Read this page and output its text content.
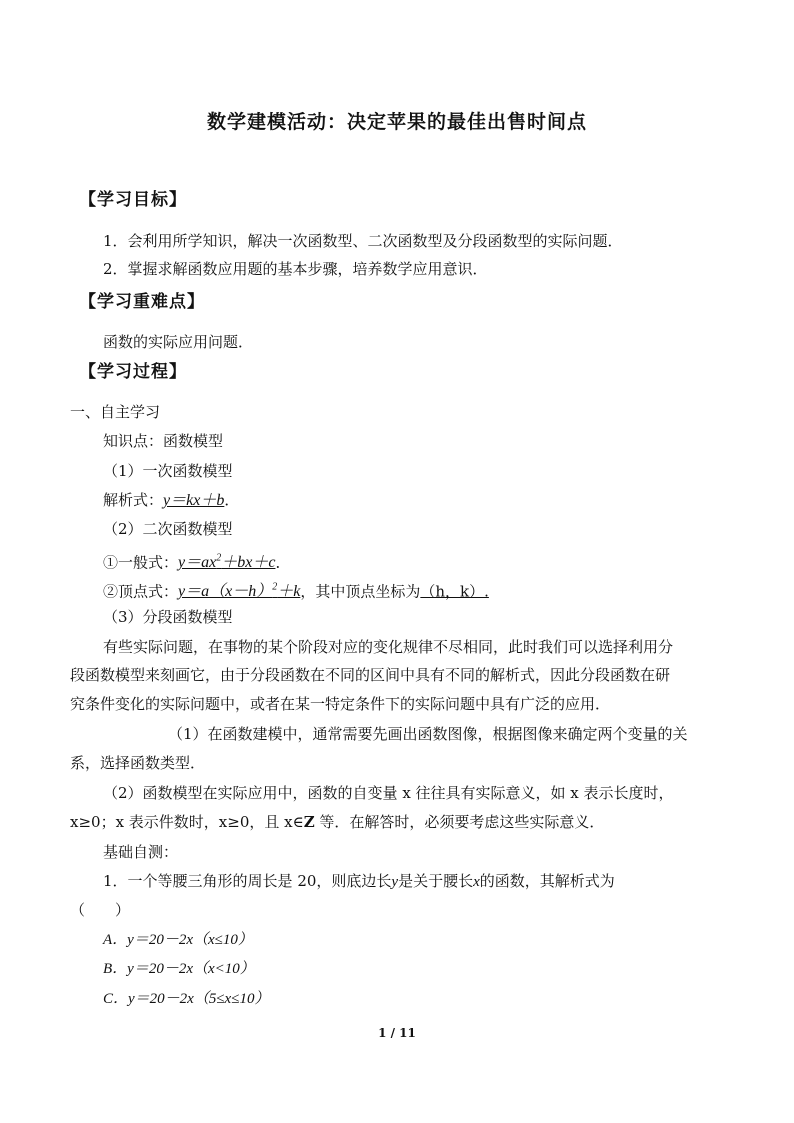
数学建模活动：决定苹果的最佳出售时间点
【学习目标】
1．会利用所学知识，解决一次函数型、二次函数型及分段函数型的实际问题．
2．掌握求解函数应用题的基本步骤，培养数学应用意识．
【学习重难点】
函数的实际应用问题．
【学习过程】
一、自主学习
知识点：函数模型
（1）一次函数模型
解析式：y＝kx＋b．
（2）二次函数模型
①一般式：$y=ax^2+bx+c$．
②顶点式：$y=a(x-h)^2+k$，其中顶点坐标为（h，k）.
（3）分段函数模型
有些实际问题，在事物的某个阶段对应的变化规律不尽相同，此时我们可以选择利用分
段函数模型来刻画它，由于分段函数在不同的区间中具有不同的解析式，因此分段函数在研
究条件变化的实际问题中，或者在某一特定条件下的实际问题中具有广泛的应用．
（1）在函数建模中，通常需要先画出函数图像，根据图像来确定两个变量的关
系，选择函数类型．
（2）函数模型在实际应用中，函数的自变量 x 往往具有实际意义，如 x 表示长度时，
x≥0；x 表示件数时，x≥0，且 x∈Z 等．在解答时，必须要考虑这些实际意义．
基础自测：
1．一个等腰三角形的周长是 20，则底边长y是关于腰长x的函数，其解析式为
（　　）
A．y＝20－2x（x≤10）
B．y＝20－2x（x<10）
C．y＝20－2x（5≤x≤10）
1 / 11
